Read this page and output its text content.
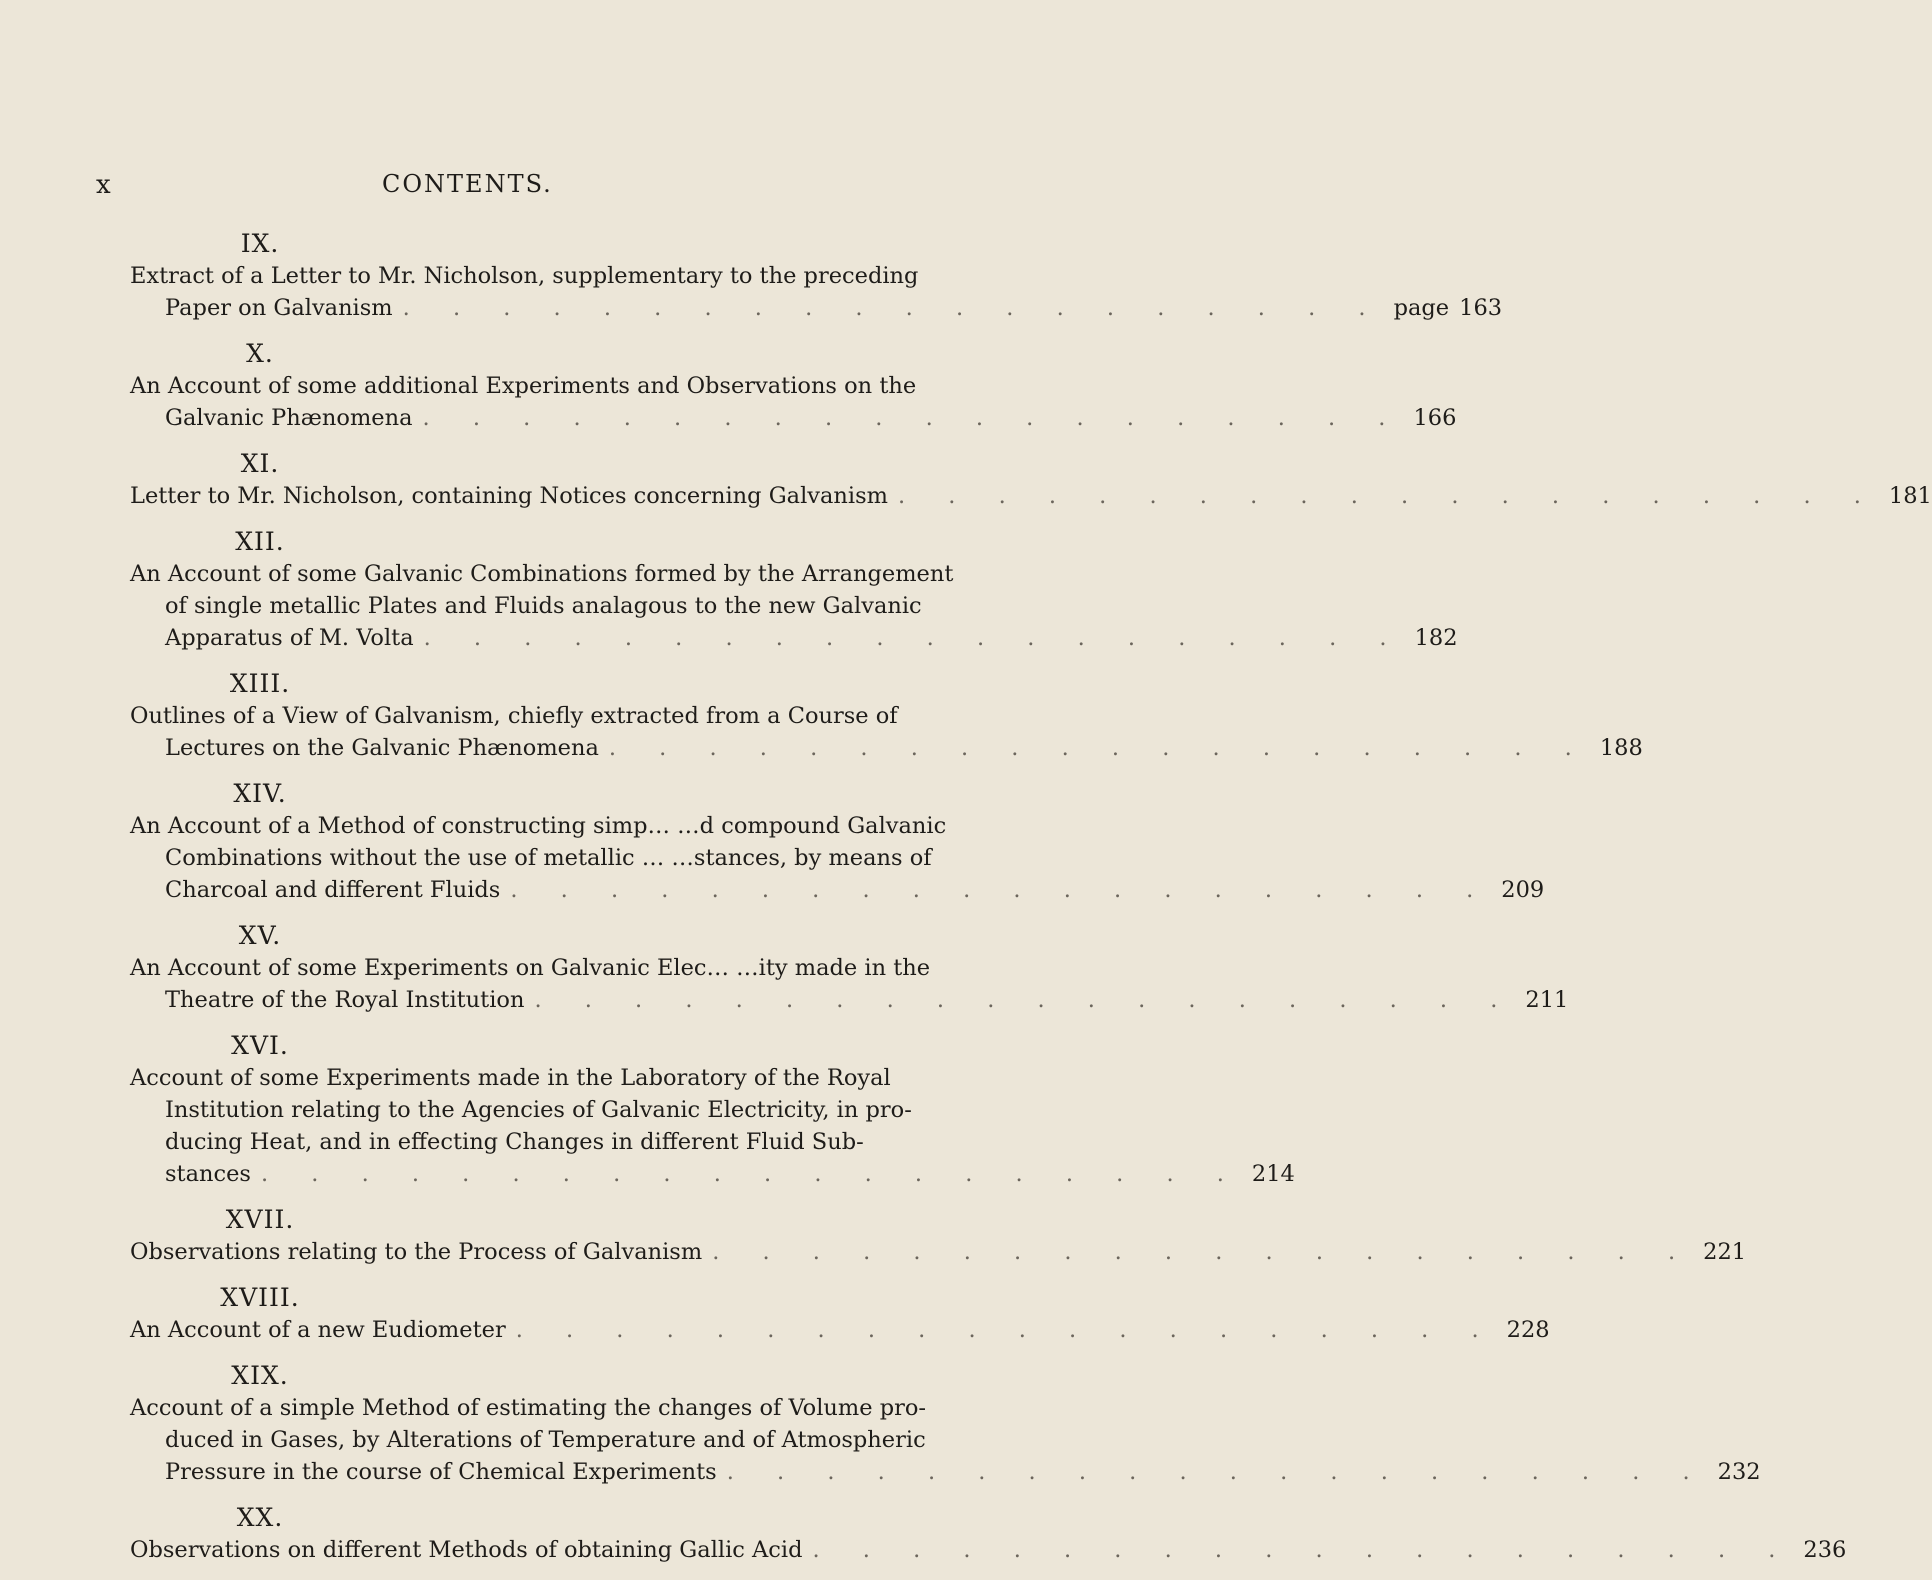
x	CONTENTS.
IX.
Extract of a Letter to Mr. Nicholson, supplementary to the preceding
Paper on Galvanism . . . . . . . . . . . . . . . . . . . . page 163
X.
An Account of some additional Experiments and Observations on the
Galvanic Phænomena . . . . . . . . . . . . . . . . . . . . 166
XI.
Letter to Mr. Nicholson, containing Notices concerning Galvanism . . . . . . . . . . . . . . . . . . . . 181
XII.
An Account of some Galvanic Combinations formed by the Arrangement
of single metallic Plates and Fluids analagous to the new Galvanic
Apparatus of M. Volta . . . . . . . . . . . . . . . . . . . . 182
XIII.
Outlines of a View of Galvanism, chiefly extracted from a Course of
Lectures on the Galvanic Phænomena . . . . . . . . . . . . . . . . . . . . 188
XIV.
An Account of a Method of constructing simp… …d compound Galvanic
Combinations without the use of metallic … …stances, by means of
Charcoal and different Fluids . . . . . . . . . . . . . . . . . . . . 209
XV.
An Account of some Experiments on Galvanic Elec… …ity made in the
Theatre of the Royal Institution . . . . . . . . . . . . . . . . . . . . 211
XVI.
Account of some Experiments made in the Laboratory of the Royal
Institution relating to the Agencies of Galvanic Electricity, in pro-
ducing Heat, and in effecting Changes in different Fluid Sub-
stances . . . . . . . . . . . . . . . . . . . . 214
XVII.
Observations relating to the Process of Galvanism . . . . . . . . . . . . . . . . . . . . 221
XVIII.
An Account of a new Eudiometer . . . . . . . . . . . . . . . . . . . . 228
XIX.
Account of a simple Method of estimating the changes of Volume pro-
duced in Gases, by Alterations of Temperature and of Atmospheric
Pressure in the course of Chemical Experiments . . . . . . . . . . . . . . . . . . . . 232
XX.
Observations on different Methods of obtaining Gallic Acid . . . . . . . . . . . . . . . . . . . . 236
